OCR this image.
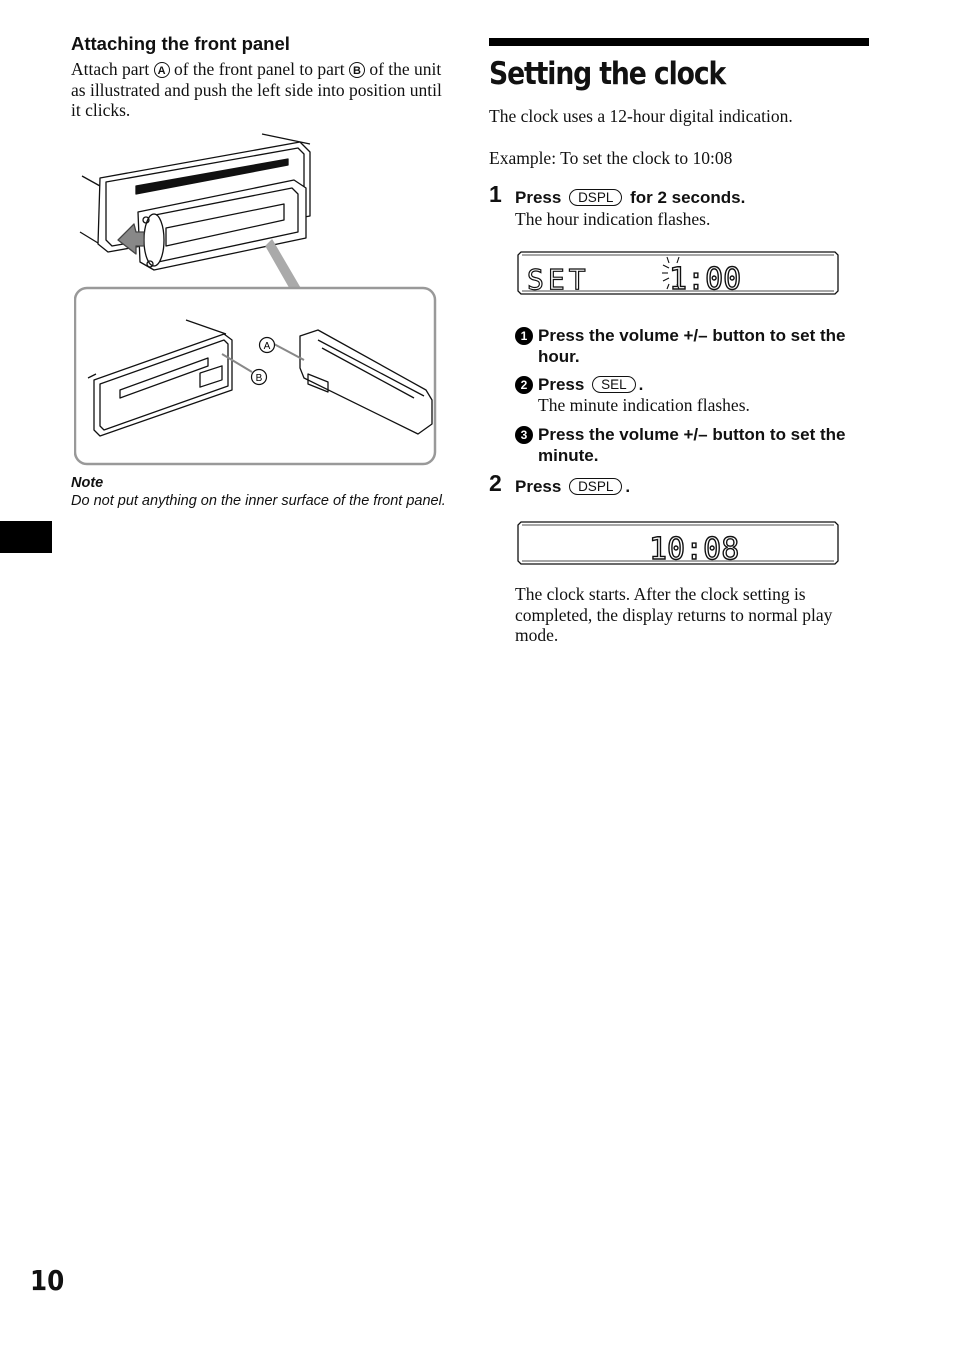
Attaching the front panel

Attach part A of the front panel to part B of the unit as illustrated and push the left side into position until it clicks.

A
B
Note
Do not put anything on the inner surface of the front panel.
Setting the clock

The clock uses a 12-hour digital indication.

Example: To set the clock to 10:08

1 Press DSPL for 2 seconds.
The hour indication flashes.
SET	1:00
1 Press the volume +/– button to set the hour.
2 Press SEL .
The minute indication flashes.
3 Press the volume +/– button to set the minute.
2 Press DSPL .
10:08
The clock starts. After the clock setting is completed, the display returns to normal play mode.
10
